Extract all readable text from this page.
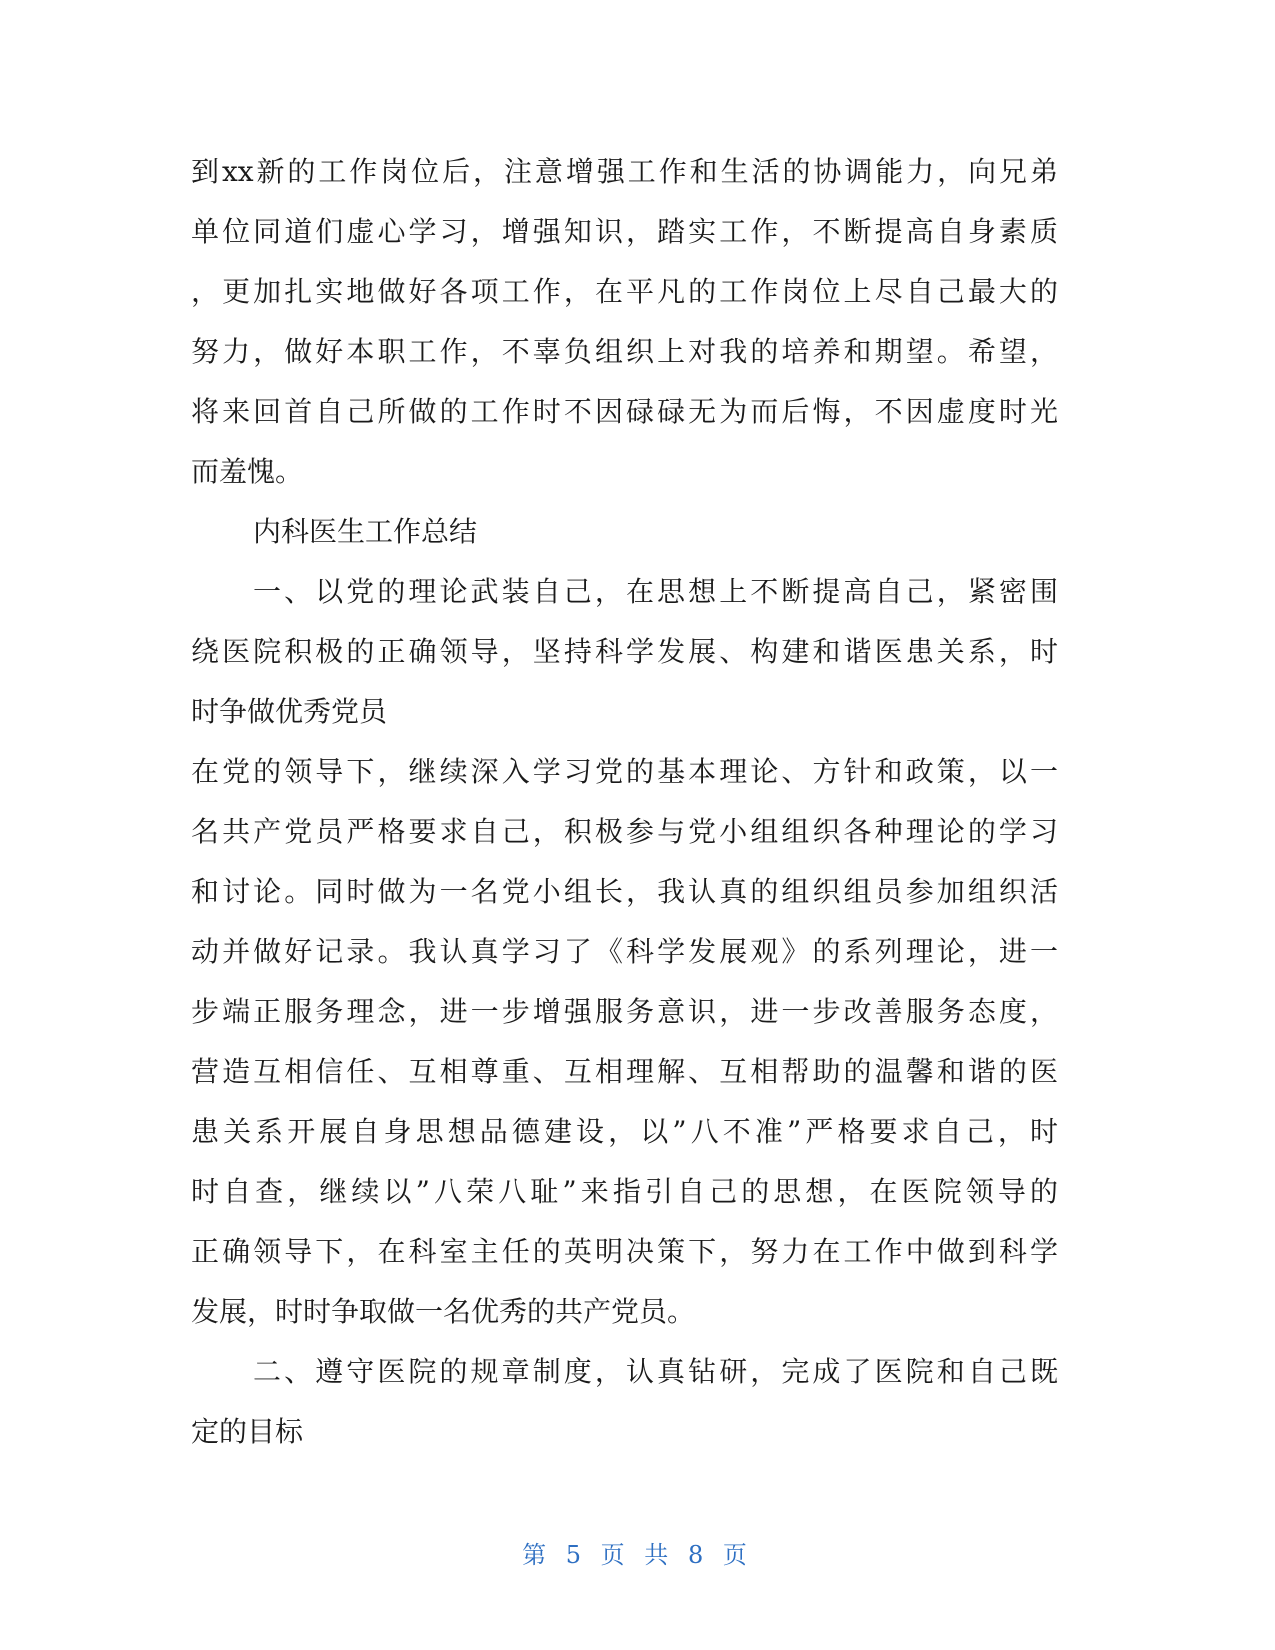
到xx新的工作岗位后，注意增强工作和生活的协调能力，向兄弟
单位同道们虚心学习，增强知识，踏实工作，不断提高自身素质
，更加扎实地做好各项工作，在平凡的工作岗位上尽自己最大的
努力，做好本职工作，不辜负组织上对我的培养和期望。希望，
将来回首自己所做的工作时不因碌碌无为而后悔，不因虚度时光
而羞愧。
内科医生工作总结
一、以党的理论武装自己，在思想上不断提高自己，紧密围
绕医院积极的正确领导，坚持科学发展、构建和谐医患关系，时
时争做优秀党员
在党的领导下，继续深入学习党的基本理论、方针和政策，以一
名共产党员严格要求自己，积极参与党小组组织各种理论的学习
和讨论。同时做为一名党小组长，我认真的组织组员参加组织活
动并做好记录。我认真学习了《科学发展观》的系列理论，进一
步端正服务理念，进一步增强服务意识，进一步改善服务态度，
营造互相信任、互相尊重、互相理解、互相帮助的温馨和谐的医
患关系开展自身思想品德建设，以”八不准”严格要求自己，时
时自查，继续以”八荣八耻”来指引自己的思想，在医院领导的
正确领导下，在科室主任的英明决策下，努力在工作中做到科学
发展，时时争取做一名优秀的共产党员。
二、遵守医院的规章制度，认真钻研，完成了医院和自己既
定的目标
第 5 页 共 8 页
